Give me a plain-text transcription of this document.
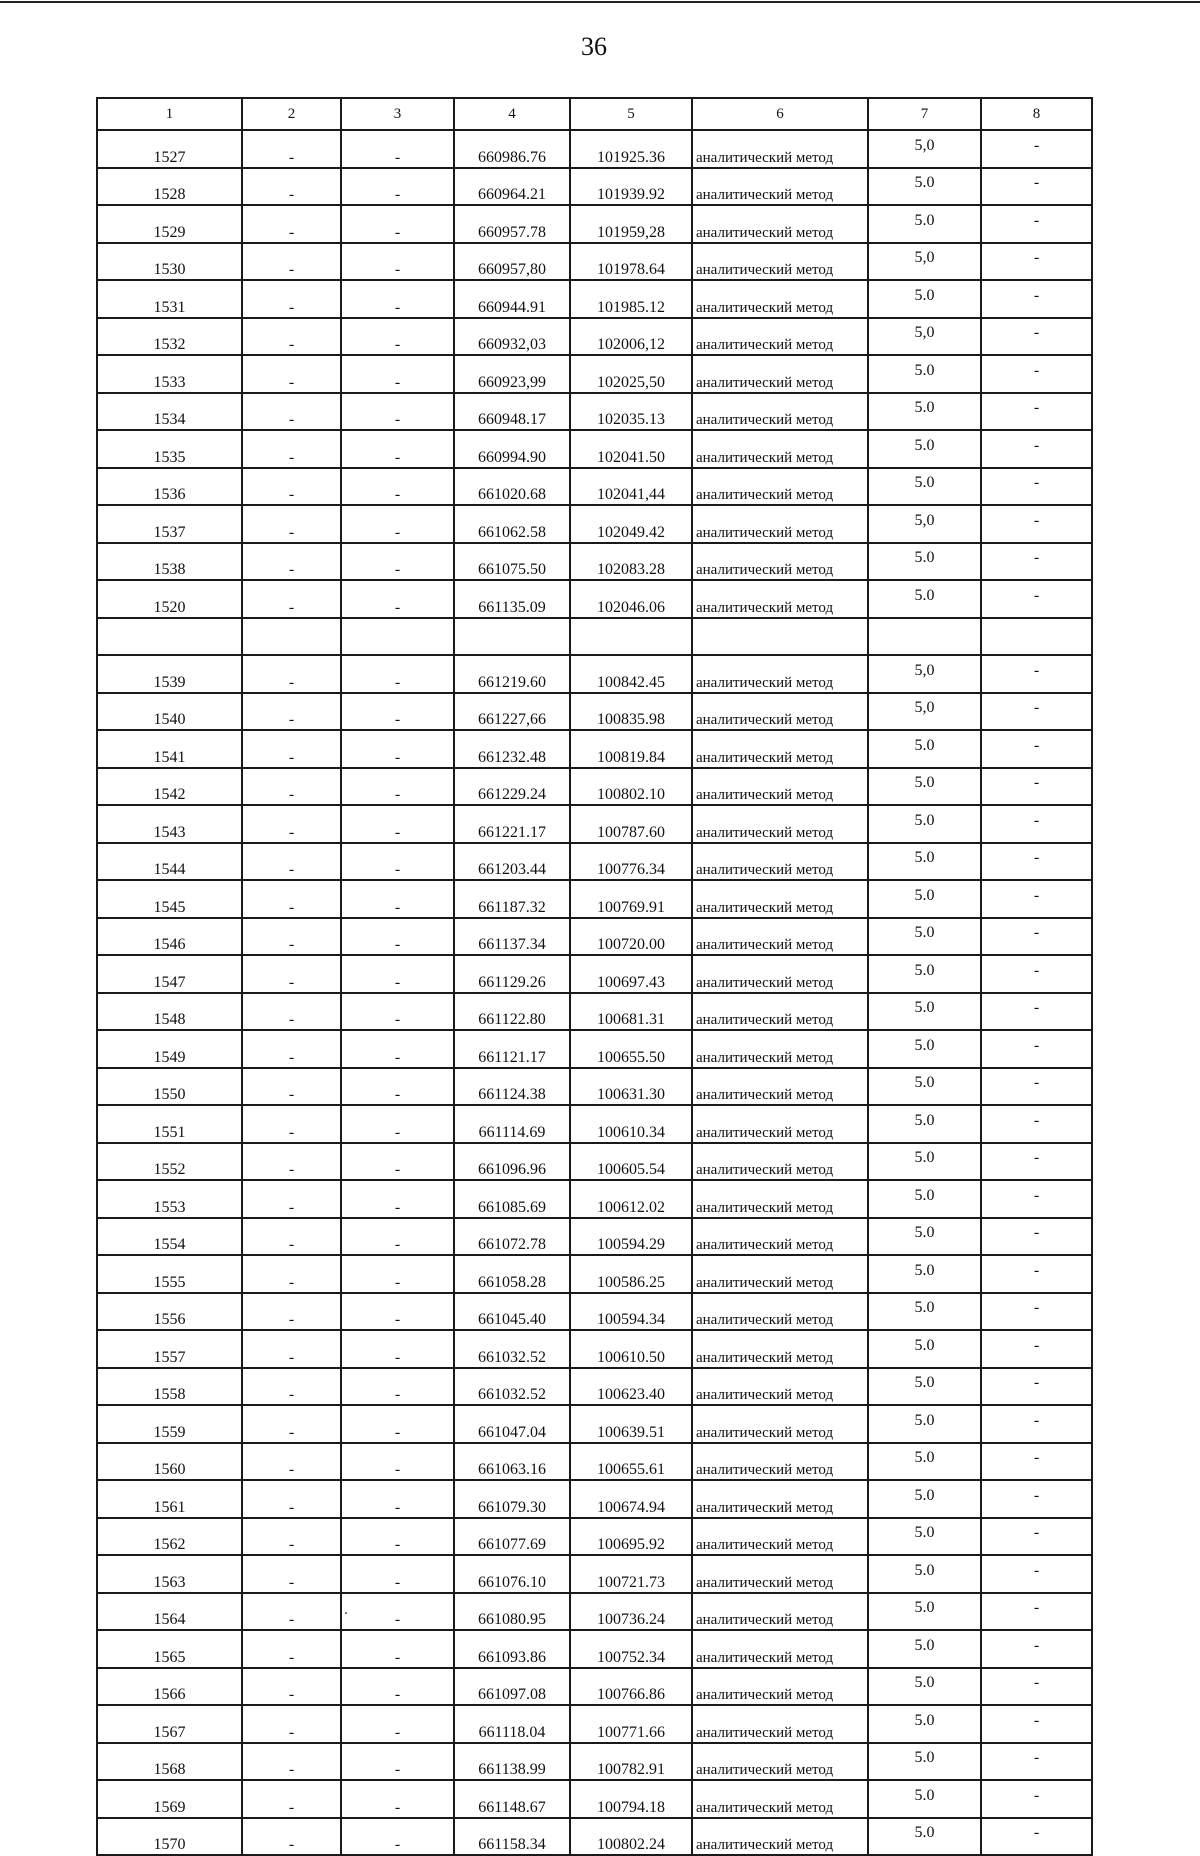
36
1	2	3	4	5	6	7	8
1527	-	-	660986.76	101925.36	аналитический метод	5,0	-
1528	-	-	660964.21	101939.92	аналитический метод	5.0	-
1529	-	-	660957.78	101959,28	аналитический метод	5.0	-
1530	-	-	660957,80	101978.64	аналитический метод	5,0	-
1531	-	-	660944.91	101985.12	аналитический метод	5.0	-
1532	-	-	660932,03	102006,12	аналитический метод	5,0	-
1533	-	-	660923,99	102025,50	аналитический метод	5.0	-
1534	-	-	660948.17	102035.13	аналитический метод	5.0	-
1535	-	-	660994.90	102041.50	аналитический метод	5.0	-
1536	-	-	661020.68	102041,44	аналитический метод	5.0	-
1537	-	-	661062.58	102049.42	аналитический метод	5,0	-
1538	-	-	661075.50	102083.28	аналитический метод	5.0	-
1520	-	-	661135.09	102046.06	аналитический метод	5.0	-

1539	-	-	661219.60	100842.45	аналитический метод	5,0	-
1540	-	-	661227,66	100835.98	аналитический метод	5,0	-
1541	-	-	661232.48	100819.84	аналитический метод	5.0	-
1542	-	-	661229.24	100802.10	аналитический метод	5.0	-
1543	-	-	661221.17	100787.60	аналитический метод	5.0	-
1544	-	-	661203.44	100776.34	аналитический метод	5.0	-
1545	-	-	661187.32	100769.91	аналитический метод	5.0	-
1546	-	-	661137.34	100720.00	аналитический метод	5.0	-
1547	-	-	661129.26	100697.43	аналитический метод	5.0	-
1548	-	-	661122.80	100681.31	аналитический метод	5.0	-
1549	-	-	661121.17	100655.50	аналитический метод	5.0	-
1550	-	-	661124.38	100631.30	аналитический метод	5.0	-
1551	-	-	661114.69	100610.34	аналитический метод	5.0	-
1552	-	-	661096.96	100605.54	аналитический метод	5.0	-
1553	-	-	661085.69	100612.02	аналитический метод	5.0	-
1554	-	-	661072.78	100594.29	аналитический метод	5.0	-
1555	-	-	661058.28	100586.25	аналитический метод	5.0	-
1556	-	-	661045.40	100594.34	аналитический метод	5.0	-
1557	-	-	661032.52	100610.50	аналитический метод	5.0	-
1558	-	-	661032.52	100623.40	аналитический метод	5.0	-
1559	-	-	661047.04	100639.51	аналитический метод	5.0	-
1560	-	-	661063.16	100655.61	аналитический метод	5.0	-
1561	-	-	661079.30	100674.94	аналитический метод	5.0	-
1562	-	-	661077.69	100695.92	аналитический метод	5.0	-
1563	-	-	661076.10	100721.73	аналитический метод	5.0	-
1564	-	-	661080.95	100736.24	аналитический метод	5.0	-
1565	-	-	661093.86	100752.34	аналитический метод	5.0	-
1566	-	-	661097.08	100766.86	аналитический метод	5.0	-
1567	-	-	661118.04	100771.66	аналитический метод	5.0	-
1568	-	-	661138.99	100782.91	аналитический метод	5.0	-
1569	-	-	661148.67	100794.18	аналитический метод	5.0	-
1570	-	-	661158.34	100802.24	аналитический метод	5.0	-
